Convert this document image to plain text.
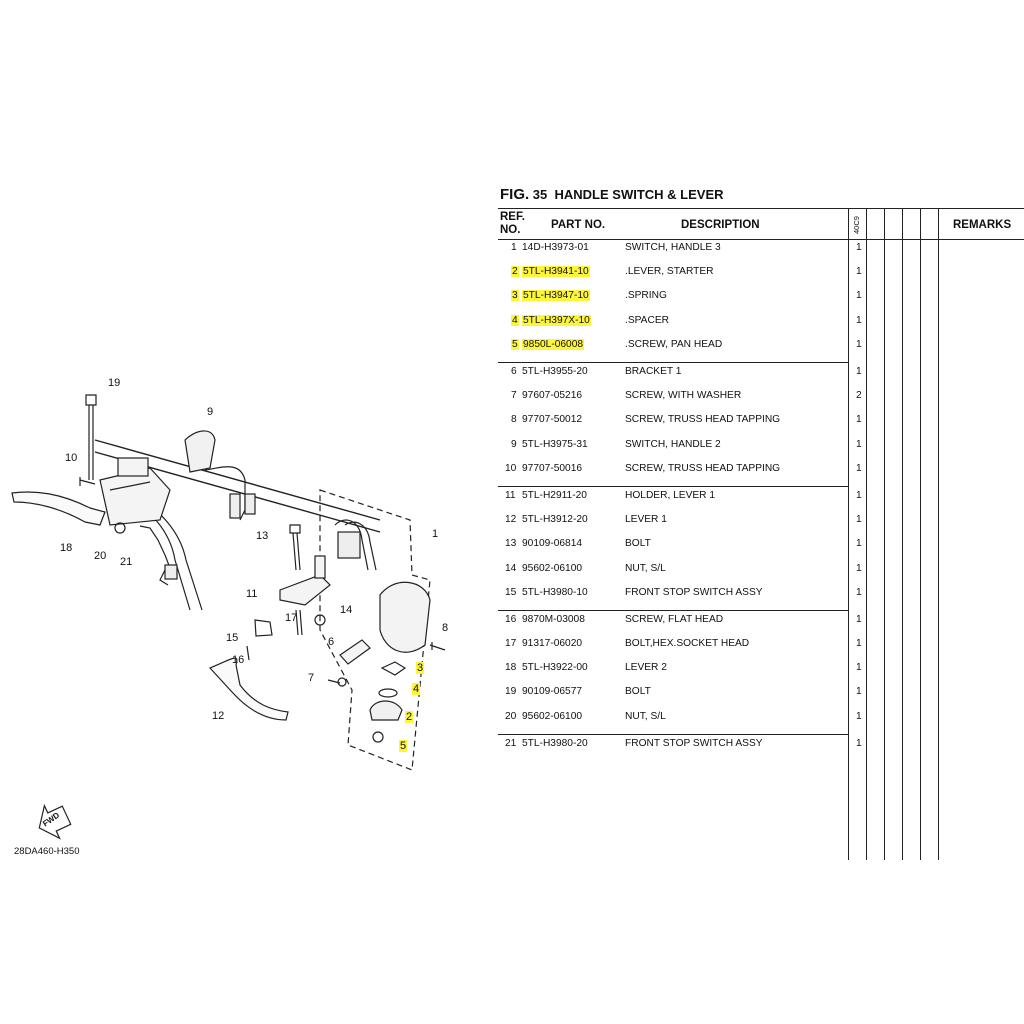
19
9
10
18
20 21
13	1
11
14
8
15
17
6
16
7
3
4
2
5
12
FWD
28DA460-H350
FIG. 35 HANDLE SWITCH & LEVER
REF.
NO.	PART NO.	DESCRIPTION	40C9	REMARKS
1 14D-H3973-01	SWITCH, HANDLE 3	1
2 5TL-H3941-10	.LEVER, STARTER	1
3 5TL-H3947-10	.SPRING	1
4 5TL-H397X-10	.SPACER	1
5 9850L-06008	.SCREW, PAN HEAD	1
6 5TL-H3955-20	BRACKET 1	1
7 97607-05216	SCREW, WITH WASHER	2
8 97707-50012	SCREW, TRUSS HEAD TAPPING	1
9 5TL-H3975-31	SWITCH, HANDLE 2	1
10 97707-50016	SCREW, TRUSS HEAD TAPPING	1
11 5TL-H2911-20	HOLDER, LEVER 1	1
12 5TL-H3912-20	LEVER 1	1
13 90109-06814	BOLT	1
14 95602-06100	NUT, S/L	1
15 5TL-H3980-10	FRONT STOP SWITCH ASSY	1
16 9870M-03008	SCREW, FLAT HEAD	1
17 91317-06020	BOLT,HEX.SOCKET HEAD	1
18 5TL-H3922-00	LEVER 2	1
19 90109-06577	BOLT	1
20 95602-06100	NUT, S/L	1
21 5TL-H3980-20	FRONT STOP SWITCH ASSY	1
